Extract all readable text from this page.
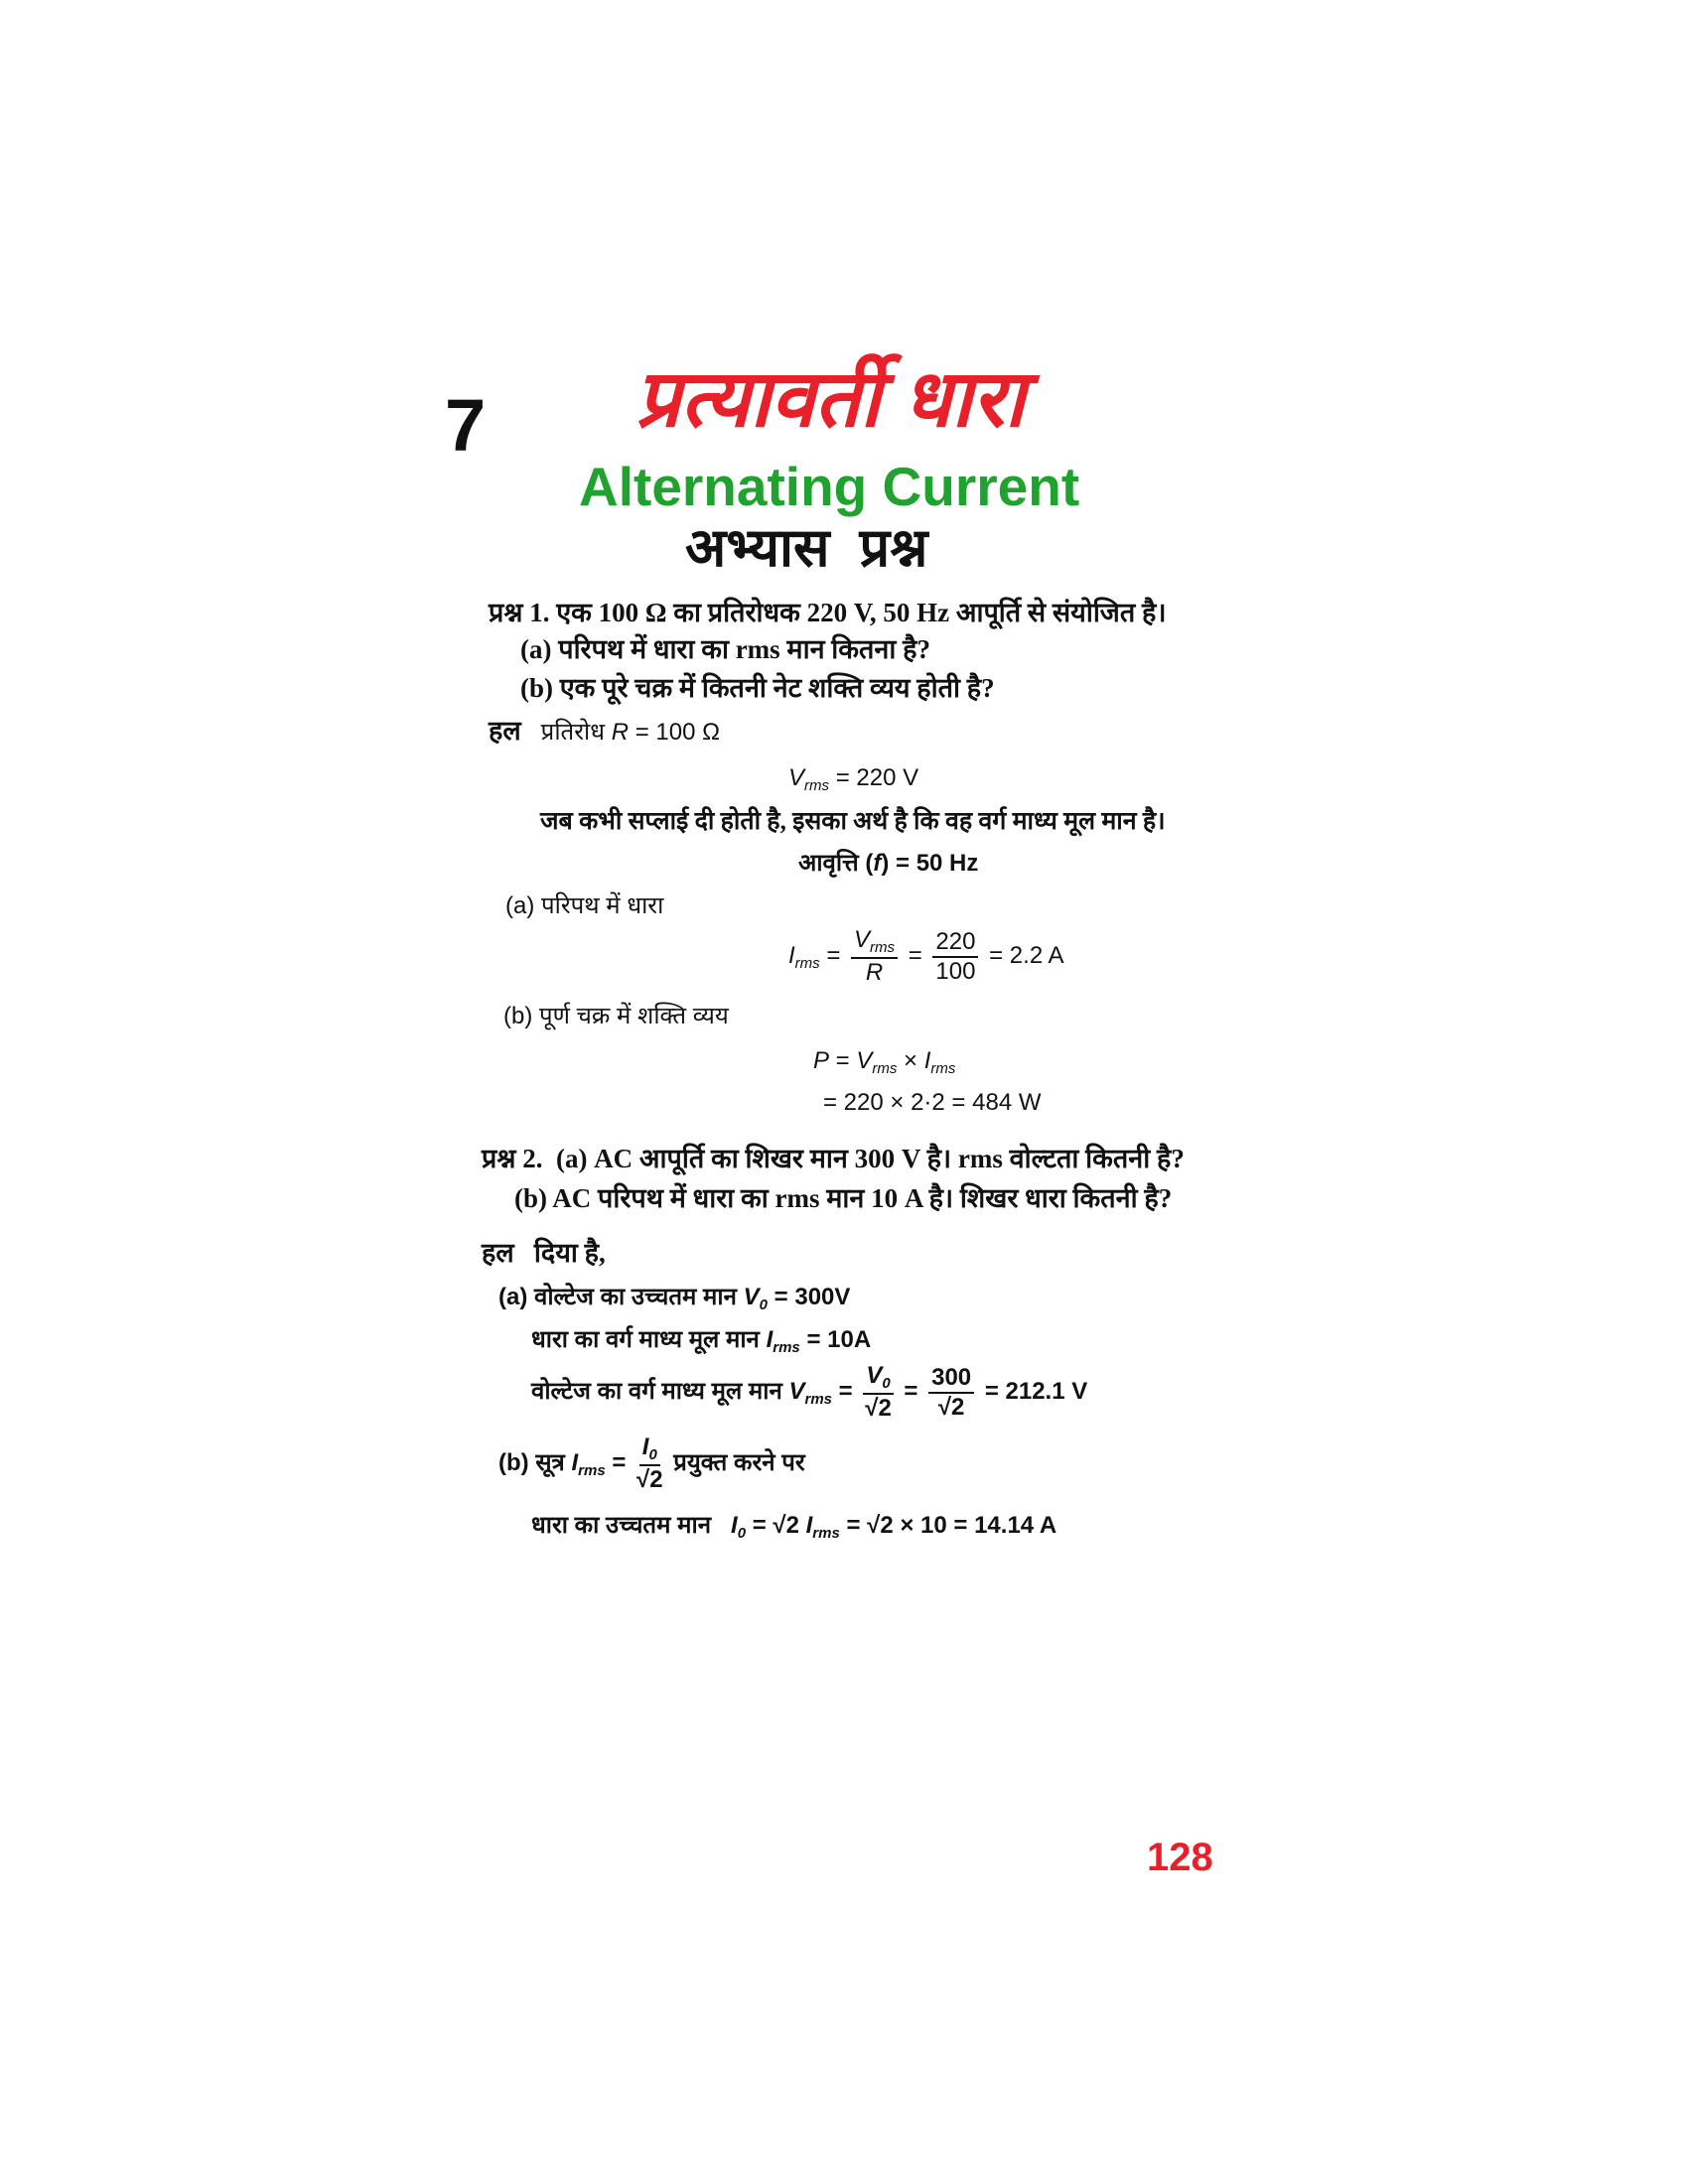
7 प्रत्यावर्ती धारा
Alternating Current
अभ्यास  प्रश्न
प्रश्न 1. एक 100 Ω का प्रतिरोधक 220 V, 50 Hz आपूर्ति से संयोजित है।
(a) परिपथ में धारा का rms मान कितना है?
(b) एक पूरे चक्र में कितनी नेट शक्ति व्यय होती है?
हल प्रतिरोध R = 100 Ω
$V_{rms} = 220$ V
जब कभी सप्लाई दी होती है, इसका अर्थ है कि वह वर्ग माध्य मूल मान है।
आवृत्ति (f) = 50 Hz
(a) परिपथ में धारा
$I_{rms} = \frac{V_{rms}}{R} = \frac{220}{100} = 2.2$ A
(b) पूर्ण चक्र में शक्ति व्यय
$P = V_{rms} \times I_{rms}$
= 220 × 2·2 = 484 W
प्रश्न 2. (a) AC आपूर्ति का शिखर मान 300 V है। rms वोल्टता कितनी है?
(b) AC परिपथ में धारा का rms मान 10 A है। शिखर धारा कितनी है?
हल दिया है,
(a) वोल्टेज का उच्चतम मान $V_0 = 300V$
धारा का वर्ग माध्य मूल मान $I_{rms} = 10A$
वोल्टेज का वर्ग माध्य मूल मान $V_{rms} = \frac{V_0}{√2} = \frac{300}{√2} = 212.1$ V
(b) सूत्र $I_{rms} = \frac{I_0}{√2}$ प्रयुक्त करने पर
धारा का उच्चतम मान $I_0 = √2$ $I_{rms} = √2 \times 10 = 14.14$ A
128
